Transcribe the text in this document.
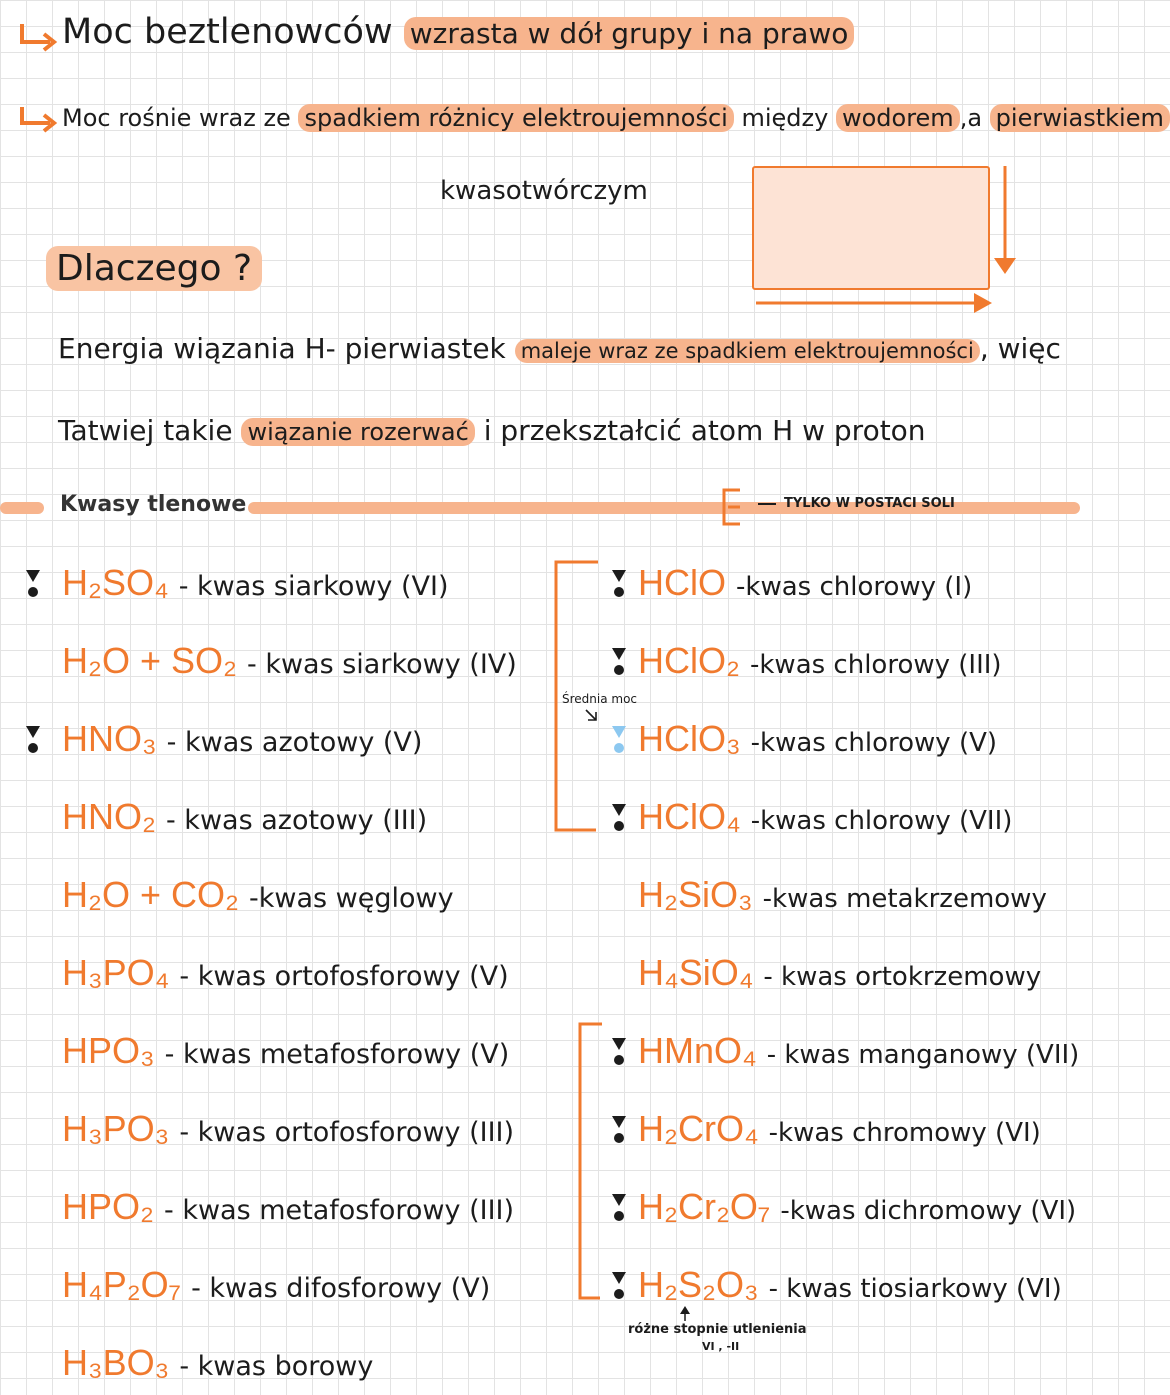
Moc beztlenowców wzrasta w dół grupy i na prawo
Moc rośnie wraz ze spadkiem różnicy elektroujemności między wodorem ,a pierwiastkiem
kwasotwórczym
Dlaczego ?
Energia wiązania H- pierwiastek maleje wraz ze spadkiem elektroujemności , więc
Tatwiej takie wiązanie rozerwać i przekształcić atom H w proton
Kwasy tlenowe	TYLKO W POSTACI SOLI
H₂SO₄ - kwas siarkowy (VI)
H₂O + SO₂ - kwas siarkowy (IV)
HNO₃ - kwas azotowy (V)
HNO₂ - kwas azotowy (III)
H₂O + CO₂ -kwas węglowy
H₃PO₄ - kwas ortofosforowy (V)
HPO₃ - kwas metafosforowy (V)
H₃PO₃ - kwas ortofosforowy (III)
HPO₂ - kwas metafosforowy (III)
H₄P₂O₇ - kwas difosforowy (V)
H₃BO₃ - kwas borowy
HClO -kwas chlorowy (I)
HClO₂ -kwas chlorowy (III)
HClO₃ -kwas chlorowy (V)
HClO₄ -kwas chlorowy (VII)
H₂SiO₃ -kwas metakrzemowy
H₄SiO₄ - kwas ortokrzemowy
HMnO₄ - kwas manganowy (VII)
H₂CrO₄ -kwas chromowy (VI)
H₂Cr₂O₇ -kwas dichromowy (VI)
H₂S₂O₃ - kwas tiosiarkowy (VI)
Średnia moc
różne stopnie utlenienia
VI , -II
